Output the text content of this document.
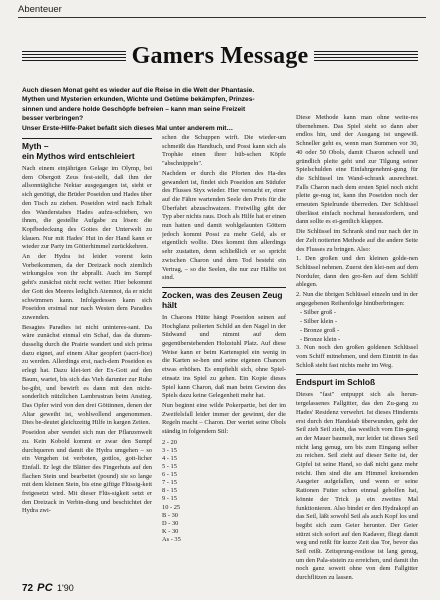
Abenteuer
Gamers Message

Auch diesen Monat geht es wieder auf die Reise in die Welt der Phantasie.

Mythen und Mysterien erkunden, Wichte und Getüme bekämpfen, Prinzes-

sinnen und andere holde Geschöpfe befreien – kann man seine Freizeit

besser verbringen?

Unser Erste-Hilfe-Paket befaßt sich dieses Mal unter anderem mit…

Myth –
ein Mythos wird entschleiert

Nach einem einjährigen Gelage im Olymp, bei dem Obergott Zeus fest-stellt, daß ihm der allsonntägliche Nektar ausgegangen ist, sieht er sich genötigt, die Brüder Poseidon und Hades über den Tisch zu ziehen. Poseidon wird nach Erhalt des Wanderstabes Hades aufzu-schieben, wo ihnen, die gestellte Aufgabe zu lösen: die Kopfbedeckung des Gottes der Unterwelt zu klauen. Nur mit Hades' Hut in der Hand kann er wieder zur Party im Götterhimmel zurückkehren.

An der Hydra ist leider vorerst kein Vorbeikommen, da der Dreizack noch ziemlich wirkungslos von ihr abprallt. Auch im Sumpf geht's zunächst nicht recht weiter. Hier bekommt der Gott des Meeres lediglich Atemnot, da er nicht schwimmen kann. Infolgedessen kann sich Poseidon erstmal nur nach Westen dem Paradies zuwenden.

Besagtes Paradies ist nicht uninteres-sant. Da wäre zunächst einmal ein Schaf, das da dumm-dusselig durch die Prairie wandert und sich prima dazu eignet, auf einem Altar geopfert (sacri-fice) zu werden. Allerdings erst, nach-dem Poseidon es erlegt hat. Dazu klet-tert der Ex-Gott auf den Baum, wartet, bis sich das Vieh darunter zur Ruhe be-gibt, und bewirft es dann mit den nicht-sonderlich nützlichen Lambrustran beim Anstieg. Das Opfer wird von den drei Göttinnen, denen der Altar geweiht ist, wohlwollend angenommen. Dies be-deutet gleichzeitig Hilfe in kargen Zeiten.

Poseidon aber wendet sich nun der Pflanzenwelt zu. Kein Kobold kommt er zwar den Sumpf durchqueren und damit die Hydra umgehen – so ein Vergehen ist verboten, gottlos, gott-licher Einfall. Er legt die Blätter des Fingerhuts auf den flachen Stein und bearbeitet (pound) sie so lange mit dem kleinen Stein, bis eine giftige Flüssig-keit freigesetzt wird. Mit dieser Flüs-sigkeit setzt er den Dreizack in Verbin-dung und beschichtet der Hydra zwi-

schen die Schuppen wirft. Die wieder-um schmeißt das Handtuch, und Possi kann sich als Trophäe einen ihrer hüb-schen Köpfe "abschnippeln".

Nachdem er durch die Pforten des Ha-des gewandert ist, findet sich Poseidon am Südufer des Flusses Styx wieder. Hier versucht er, einer auf die Fähre wartenden Seele den Preis für die Überfahrt abzuschwatzen. Freiwillig gibt der Typ aber nichts raus. Doch als Hilfe hat er einen nun hatten und damit wohlgelaunten Göttern jedoch kommt Possi zu mehr Geld, als er eigentlich wollte. Dies kommt ihm allerdings sehr zustatten, denn schließlich er so spricht zwischen Charon und dem Tod besteht ein Vertrag, – so die Seelen, die nur zur Hälfte tot sind.

Zocken, was des Zeusen Zeug
hält

In Charons Hütte hängt Poseidon seinen auf Hochglanz polierten Schild an den Nagel in der Südwand und nimmt auf dem gegenüberstehenden Holzstuhl Platz. Auf diese Weise kann er beim Kartenspiel ein wenig in die Karten se-hen und seine eigenen Chancen etwas erhöhen. Es empfiehlt sich, ohne Spiel-einsatz ins Spiel zu gehen. Ein Kopie dieses Spiel kann Charon, daß man beim Gewinn des Spiels dazu keine Gelegenheit mehr hat.

Nun beginnt eine wilde Pokerpartie, bei der im Zweifelsfall leider immer der gewinnt, der die Regeln macht – Charon. Der wertet seine Obols ständig in folgendem Stil:

2 - 20
3 - 15
4 - 15
5 - 15
6 - 15
7 - 15
8 - 15
9 - 15
10 - 25
B - 30
D - 30
K - 30
As - 35

Diese Methode kann man ohne weite-res übernehmen. Das Spiel sieht so dann aber endlos hin, und der Ausgang ist ungewiß. Schneller geht es, wenn man Summen vor 30, 40 oder 50 Obols, damit Charon schnell und gründlich pleite geht und zur Tilgung seiner Spielschulden eine Einfahrgenehmi-gung für die Schlüssel im Wand-schrank ausrechnet. Falls Charon nach dem ersten Spiel noch nicht pleite ge-nug ist, kann ihn Poseidon noch der erneuten Spielrunde überreden. Der Schlüssel überlässt einfach nochmal herausfordern, und dann sollte es ei-gentlich klappen.

Die Schlüssel im Schrank sind nur nach der in der Zelt notierten Methode auf die andere Seite des Flusses zu bringen. Also:

1. Den großen und den kleinen golde-nen Schlüssel nehmen. Zuerst den klei-nen auf dem Nordufer, dann den gro-ßen auf dem Schliff ablegen.

2. Nun die übrigen Schlüssel einzeln und in der angegebenen Reihenfolge hinüberbringen:

- Silber groß -
- Silber klein -
- Bronze groß -
- Bronze klein -

3. Nun noch den großen goldenen Schlüssel vom Schiff mitnehmen, und dem Eintritt in das Schloß steht fast nichts mehr im Weg.

Endspurt im Schloß

Dieses "fast" entpuppt sich als herun-tergelassenes Fallgitter, das den Zu-gang zu Hades' Residenz verwehrt. Ist dieses Hindernis erst durch den Handstab überwunden, geht der Seil zieh Seil zieht, das westlich vom Ein-gang an der Mauer baumelt, nur leider ist dieses Seil nicht lang genug, um bis zum Eingang selber zu reichen. Seil zieht auf dieser Seite ist, der Gipfel ist seine Hand, so daß nicht ganz mehr reicht. Ihm sind die am Himmel kreisenden Aasgeier aufgefallen, und wenn er seine Rationen Futter schon einmal geholfen hat, könnte der Trick ja ein zweites Mal funktionieren. Also bindet er den Hydrakopf an das Seil, läßt sowohl Seil als auch Kopf los und begibt sich zum Geier herunter. Der Geier stürzt sich sofort auf den Kadaver, fliegt damit weg und reißt für kurze Zeit das Tor, bevor das Seil reißt. Zeitsprung-restlose ist lang genug, um den Pala-ststein zu erreichen, und damit ihn noch ganz soweit ohne von dem Fallgitter durchflitzen zu lassen.

72 PC 1'90
